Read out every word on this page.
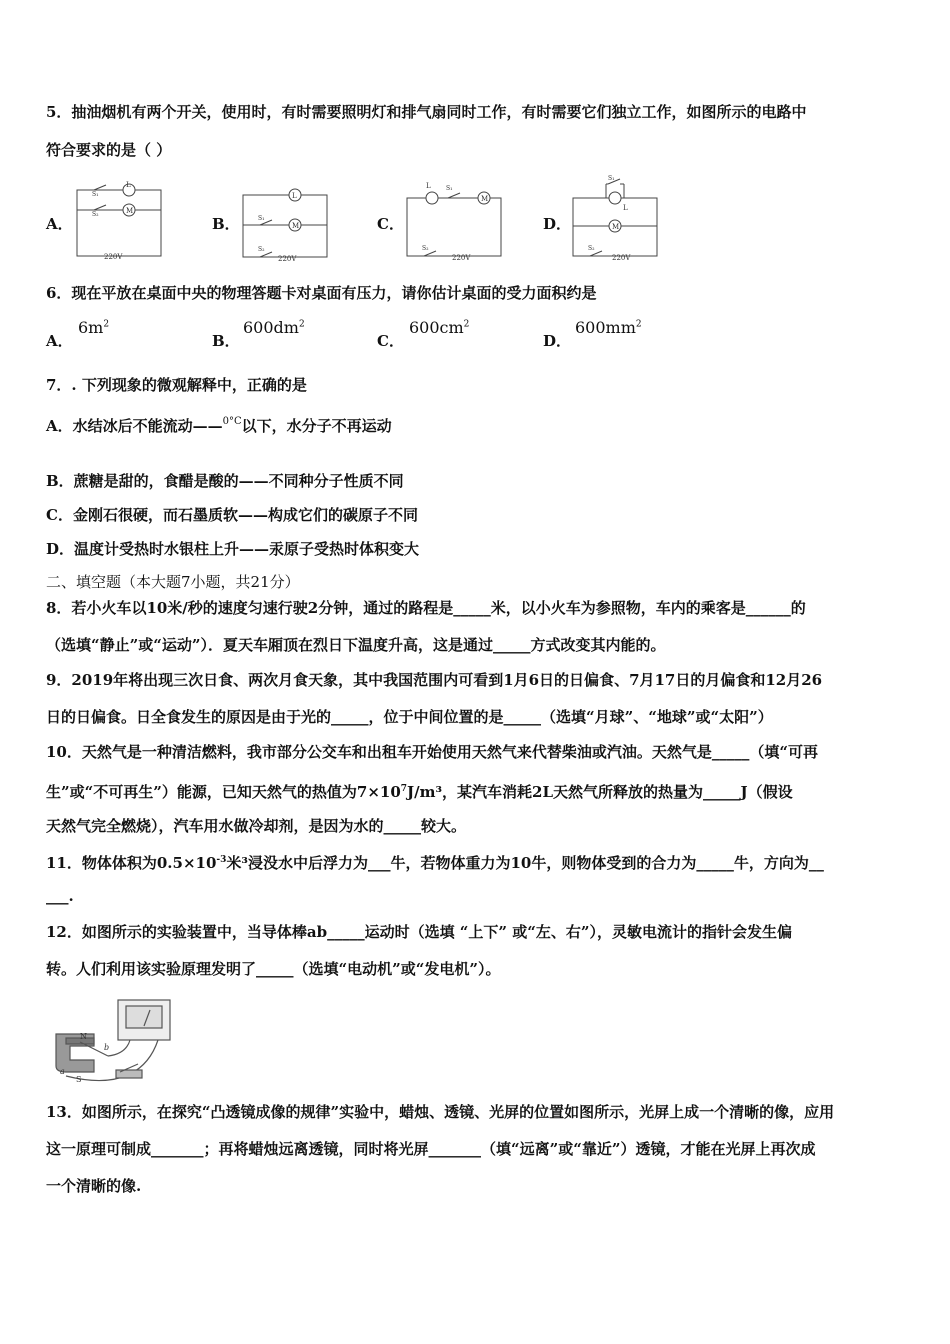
5．抽油烟机有两个开关，使用时，有时需要照明灯和排气扇同时工作，有时需要它们独立工作，如图所示的电路中
符合要求的是（ ）
A．
L
M
S₁
S₂
220V
B．
L
M
S₁
S₂
220V
C．
L
M
S₁
S₂
220V
D．
S₁
L
M
S₂
220V
6．现在平放在桌面中央的物理答题卡对桌面有压力，请你估计桌面的受力面积约是
A．
$6m^2$
B．
$600dm^2$
C．
$600cm^2$
D．
$600mm^2$
7．. 下列现象的微观解释中，正确的是
A．水结冰后不能流动——$^{0^\circ C}$以下，水分子不再运动
B．蔗糖是甜的，食醋是酸的——不同种分子性质不同
C．金刚石很硬，而石墨质软——构成它们的碳原子不同
D．温度计受热时水银柱上升——汞原子受热时体积变大
二、填空题（本大题7小题，共21分）
8．若小火车以10米/秒的速度匀速行驶2分钟，通过的路程是_____米，以小火车为参照物，车内的乘客是______的
（选填“静止”或“运动”）．夏天车厢顶在烈日下温度升高，这是通过_____方式改变其内能的。
9．2019年将出现三次日食、两次月食天象，其中我国范围内可看到1月6日的日偏食、7月17日的月偏食和12月26
日的日偏食。日全食发生的原因是由于光的_____，位于中间位置的是_____（选填“月球”、“地球”或“太阳”）
10．天然气是一种清洁燃料，我市部分公交车和出租车开始使用天然气来代替柴油或汽油。天然气是_____（填“可再
生”或“不可再生”）能源，已知天然气的热值为$7\times 10^7J/m^3$，某汽车消耗2L天然气所释放的热量为_____J（假设
天然气完全燃烧），汽车用水做冷却剂，是因为水的_____较大。
11．物体体积为$0.5\times 10^{-3}$米³浸没水中后浮力为___牛，若物体重力为10牛，则物体受到的合力为_____牛，方向为__
___.
12．如图所示的实验装置中，当导体棒ab_____运动时（选填 “上下” 或“左、右”），灵敏电流计的指针会发生偏
转。人们利用该实验原理发明了_____（选填“电动机”或“发电机”）。
N
S
a
b
13．如图所示，在探究“凸透镜成像的规律”实验中，蜡烛、透镜、光屏的位置如图所示，光屏上成一个清晰的像，应用
这一原理可制成_______；再将蜡烛远离透镜，同时将光屏_______（填“远离”或“靠近”）透镜，才能在光屏上再次成
一个清晰的像.
